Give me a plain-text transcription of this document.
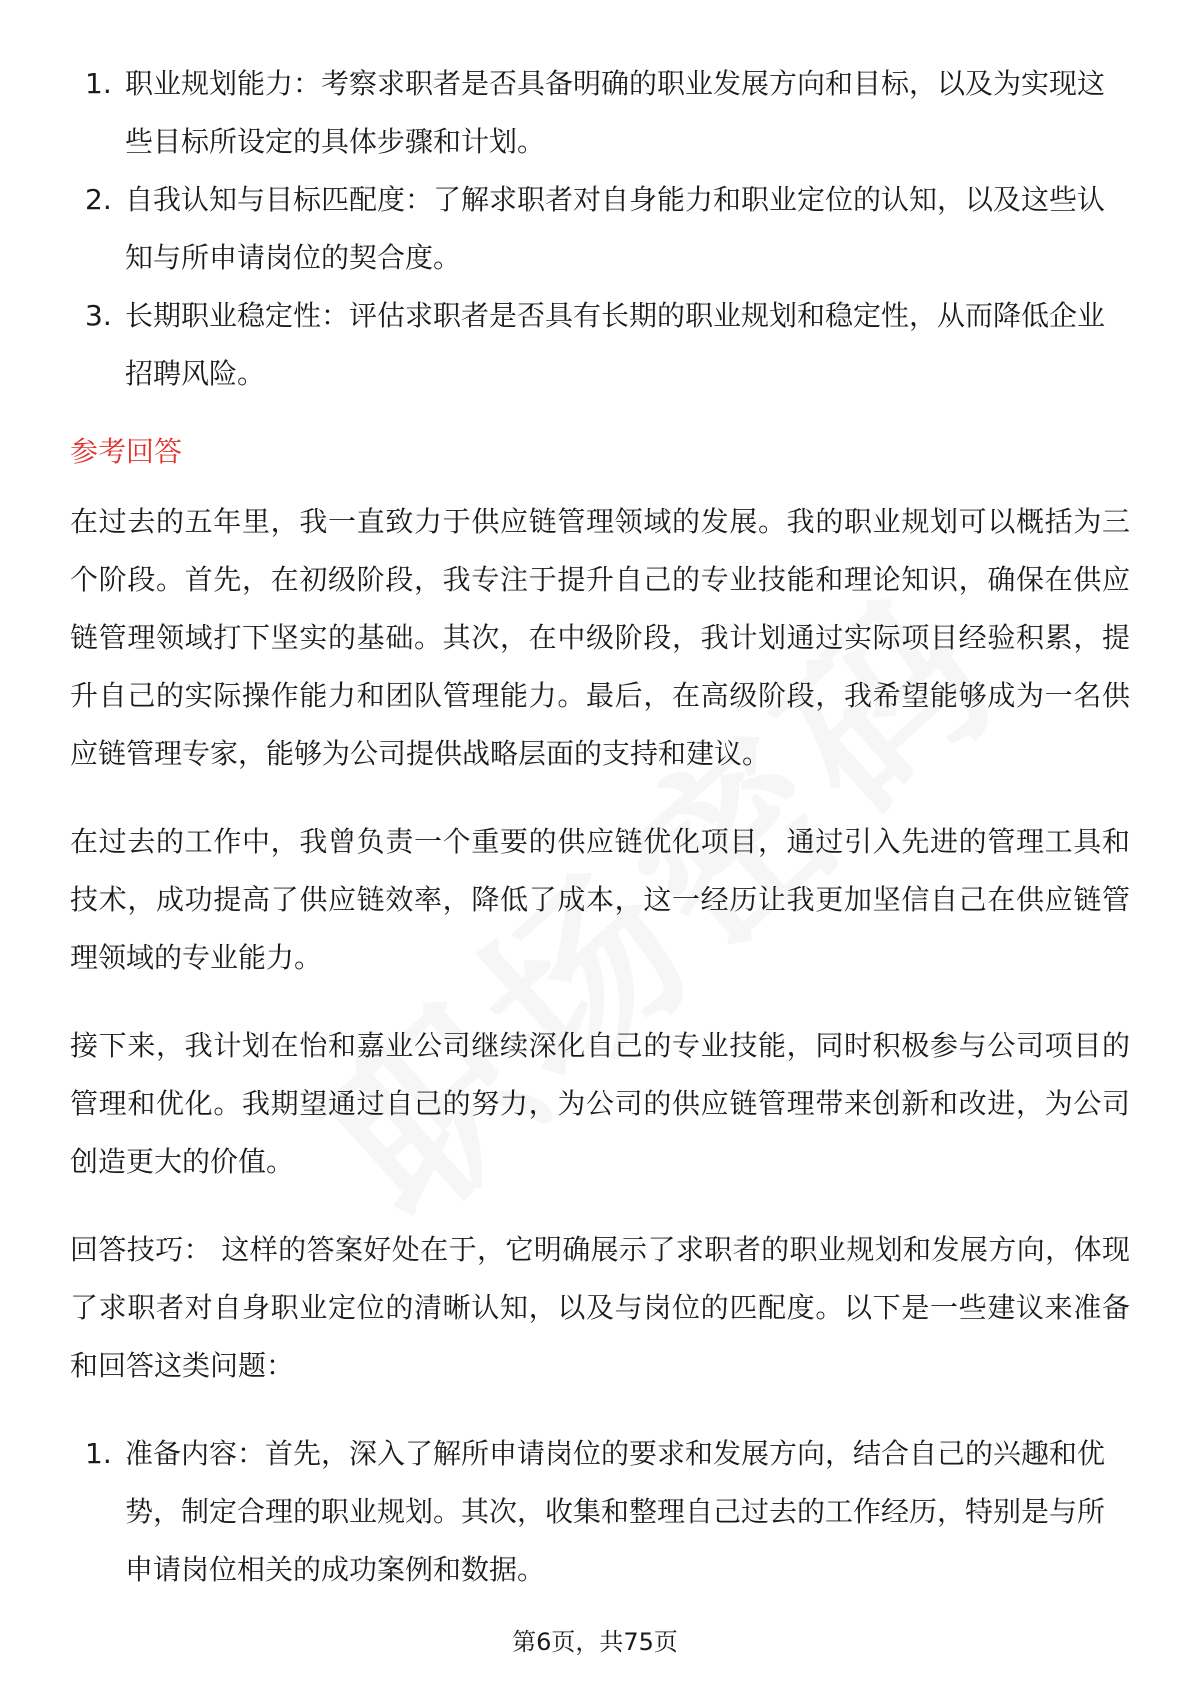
1. 职业规划能力：考察求职者是否具备明确的职业发展方向和目标，以及为实现这些目标所设定的具体步骤和计划。
2. 自我认知与目标匹配度：了解求职者对自身能力和职业定位的认知，以及这些认知与所申请岗位的契合度。
3. 长期职业稳定性：评估求职者是否具有长期的职业规划和稳定性，从而降低企业招聘风险。
参考回答

在过去的五年里，我一直致力于供应链管理领域的发展。我的职业规划可以概括为三个阶段。首先，在初级阶段，我专注于提升自己的专业技能和理论知识，确保在供应链管理领域打下坚实的基础。其次，在中级阶段，我计划通过实际项目经验积累，提升自己的实际操作能力和团队管理能力。最后，在高级阶段，我希望能够成为一名供应链管理专家，能够为公司提供战略层面的支持和建议。

在过去的工作中，我曾负责一个重要的供应链优化项目，通过引入先进的管理工具和技术，成功提高了供应链效率，降低了成本，这一经历让我更加坚信自己在供应链管理领域的专业能力。

接下来，我计划在怡和嘉业公司继续深化自己的专业技能，同时积极参与公司项目的管理和优化。我期望通过自己的努力，为公司的供应链管理带来创新和改进，为公司创造更大的价值。

回答技巧： 这样的答案好处在于，它明确展示了求职者的职业规划和发展方向，体现了求职者对自身职业定位的清晰认知，以及与岗位的匹配度。以下是一些建议来准备和回答这类问题：

1. 准备内容：首先，深入了解所申请岗位的要求和发展方向，结合自己的兴趣和优势，制定合理的职业规划。其次，收集和整理自己过去的工作经历，特别是与所申请岗位相关的成功案例和数据。
第6页，共75页
